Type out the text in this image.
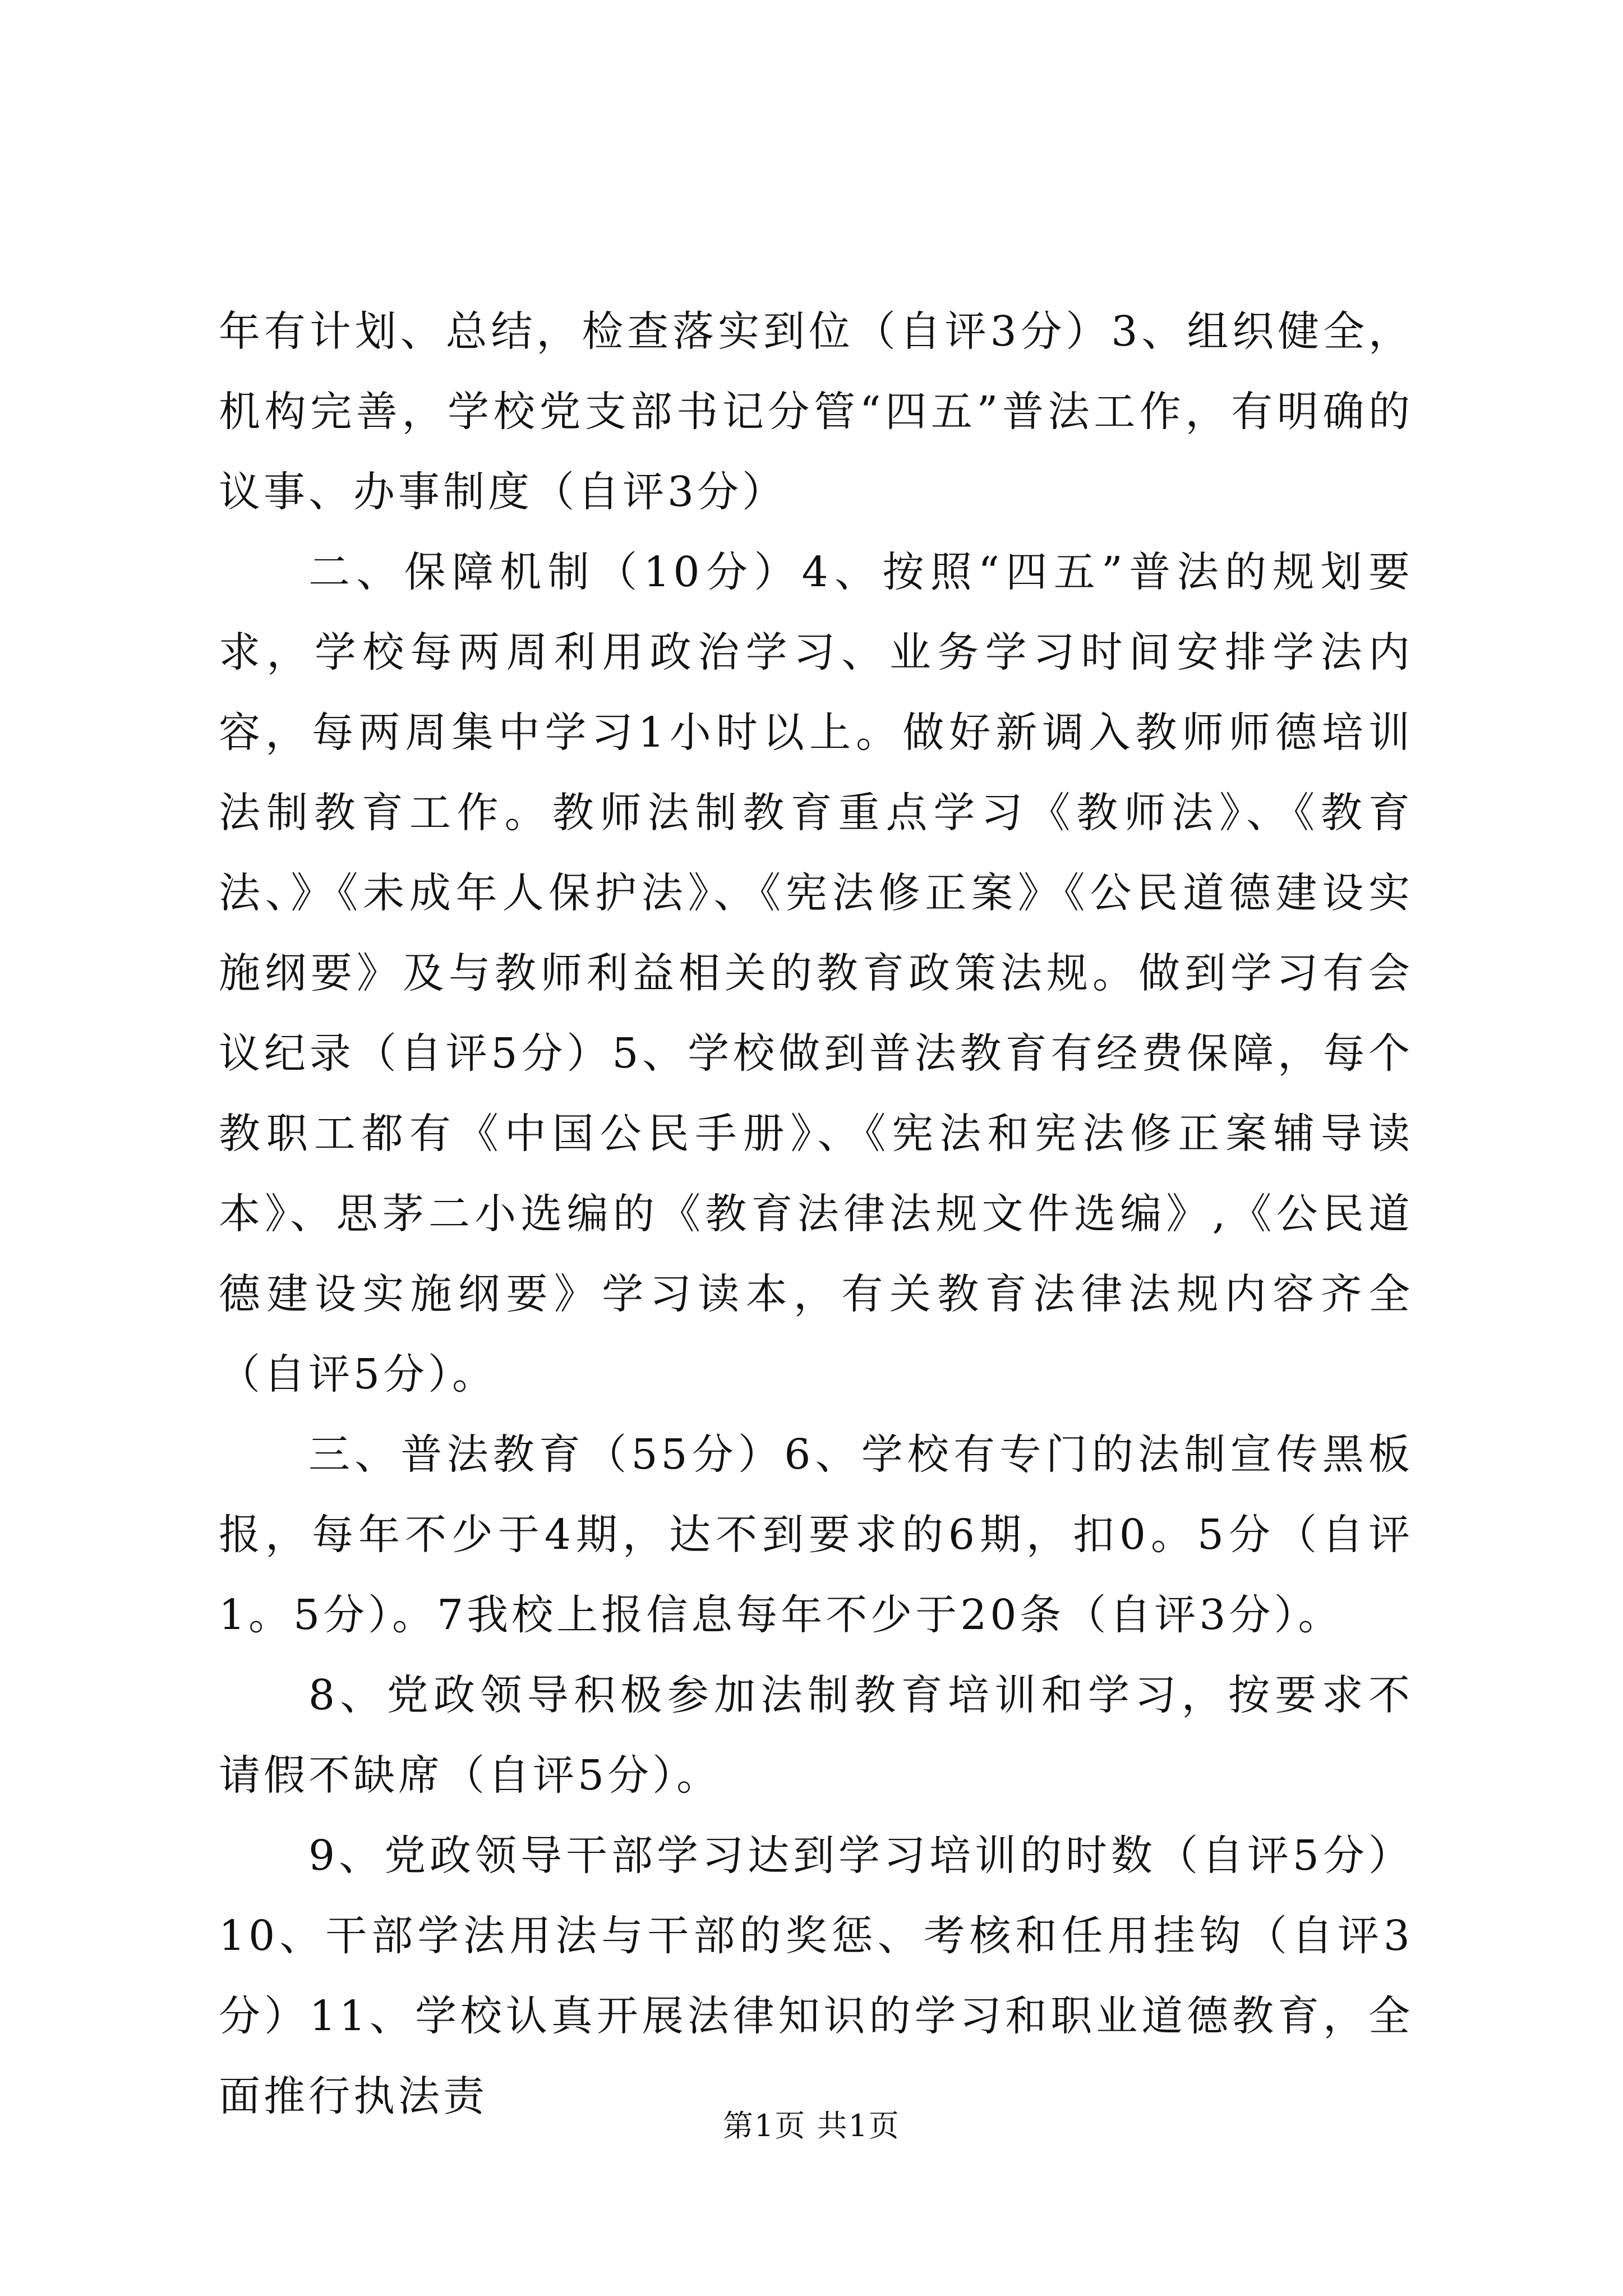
年有计划、总结，检查落实到位（自评3分）3、组织健全，机构完善，学校党支部书记分管“四五”普法工作，有明确的议事、办事制度（自评3分）

二、保障机制（10分）4、按照“四五”普法的规划要求，学校每两周利用政治学习、业务学习时间安排学法内容，每两周集中学习1小时以上。做好新调入教师师德培训法制教育工作。教师法制教育重点学习《教师法》、《教育法、》《未成年人保护法》、《宪法修正案》《公民道德建设实施纲要》及与教师利益相关的教育政策法规。做到学习有会议纪录（自评5分）5、学校做到普法教育有经费保障，每个教职工都有《中国公民手册》、《宪法和宪法修正案辅导读本》、思茅二小选编的《教育法律法规文件选编》,《公民道德建设实施纲要》学习读本，有关教育法律法规内容齐全（自评5分）。

三、普法教育（55分）6、学校有专门的法制宣传黑板报，每年不少于4期，达不到要求的6期，扣0。5分（自评1。5分）。7我校上报信息每年不少于20条（自评3分）。

8、党政领导积极参加法制教育培训和学习，按要求不请假不缺席（自评5分）。

9、党政领导干部学习达到学习培训的时数（自评5分）10、干部学法用法与干部的奖惩、考核和任用挂钩（自评3分）11、学校认真开展法律知识的学习和职业道德教育，全面推行执法责

第1页 共1页
